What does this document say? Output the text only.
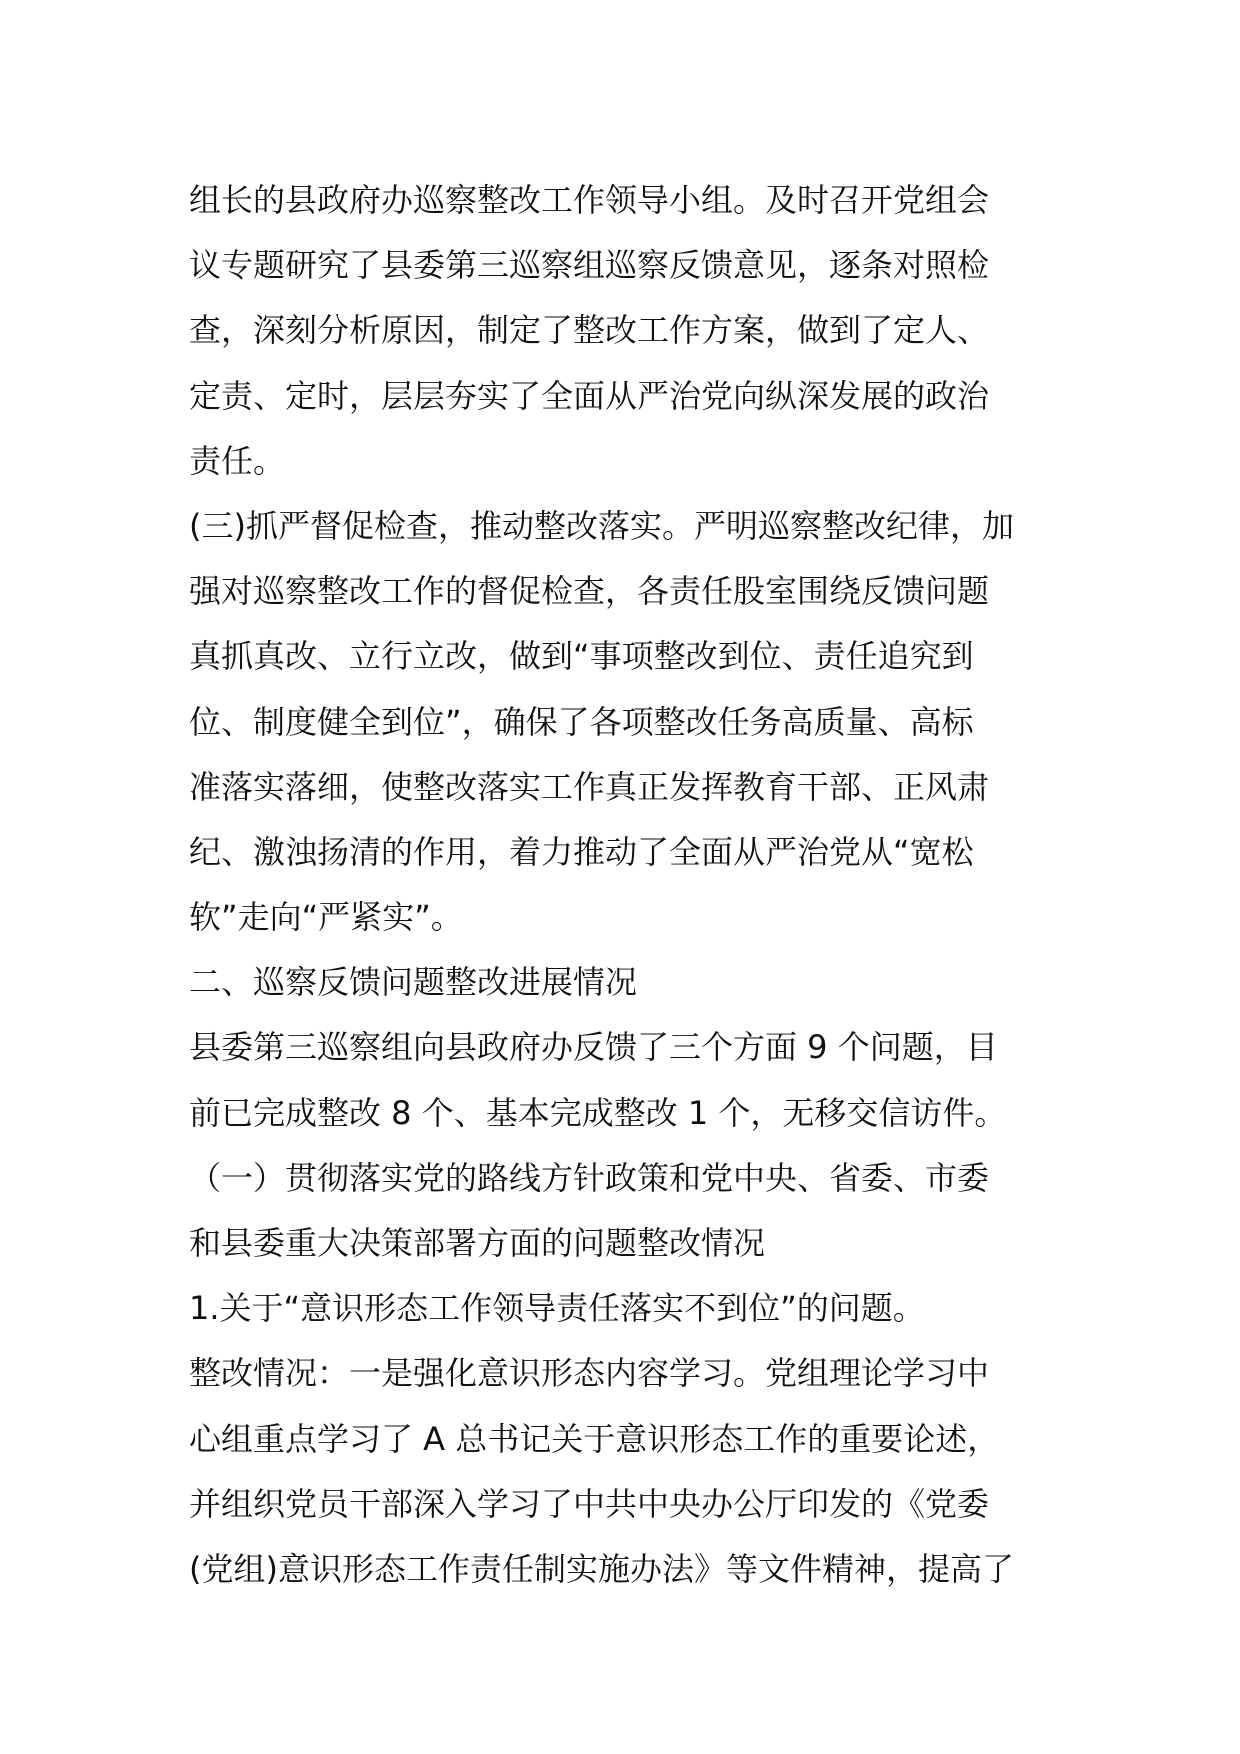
组长的县政府办巡察整改工作领导小组。及时召开党组会
议专题研究了县委第三巡察组巡察反馈意见，逐条对照检
查，深刻分析原因，制定了整改工作方案，做到了定人、
定责、定时，层层夯实了全面从严治党向纵深发展的政治
责任。
(三)抓严督促检查，推动整改落实。严明巡察整改纪律，加
强对巡察整改工作的督促检查，各责任股室围绕反馈问题
真抓真改、立行立改，做到“事项整改到位、责任追究到
位、制度健全到位”，确保了各项整改任务高质量、高标
准落实落细，使整改落实工作真正发挥教育干部、正风肃
纪、激浊扬清的作用，着力推动了全面从严治党从“宽松
软”走向“严紧实”。
二、巡察反馈问题整改进展情况
县委第三巡察组向县政府办反馈了三个方面 9 个问题，目
前已完成整改 8 个、基本完成整改 1 个，无移交信访件。
（一）贯彻落实党的路线方针政策和党中央、省委、市委
和县委重大决策部署方面的问题整改情况
1.关于“意识形态工作领导责任落实不到位”的问题。
整改情况：一是强化意识形态内容学习。党组理论学习中
心组重点学习了 A 总书记关于意识形态工作的重要论述，
并组织党员干部深入学习了中共中央办公厅印发的《党委
(党组)意识形态工作责任制实施办法》等文件精神，提高了
